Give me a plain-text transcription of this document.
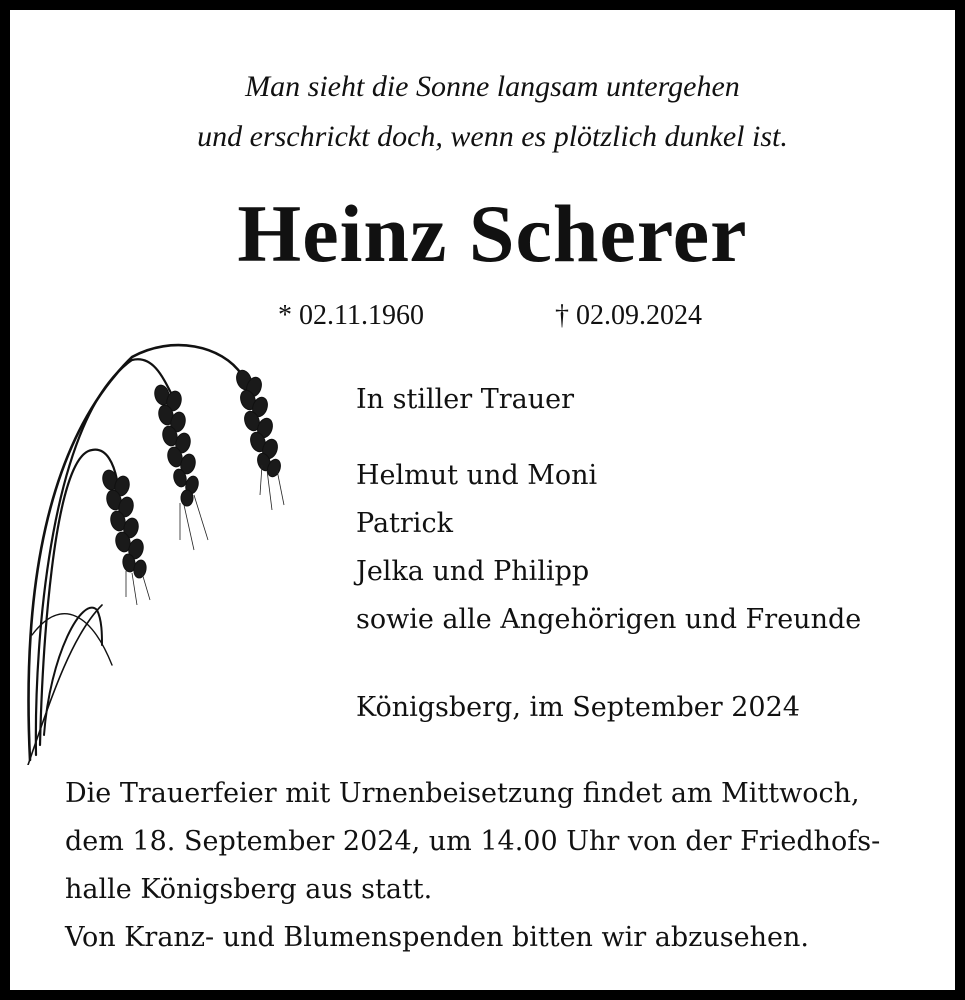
Man sieht die Sonne langsam untergehen
und erschrickt doch, wenn es plötzlich dunkel ist.
Heinz Scherer
* 02.11.1960	† 02.09.2024
In stiller Trauer
Helmut und Moni
Patrick
Jelka und Philipp
sowie alle Angehörigen und Freunde
Königsberg, im September 2024
Die Trauerfeier mit Urnenbeisetzung findet am Mittwoch,
dem 18. September 2024, um 14.00 Uhr von der Friedhofs-
halle Königsberg aus statt.
Von Kranz- und Blumenspenden bitten wir abzusehen.
